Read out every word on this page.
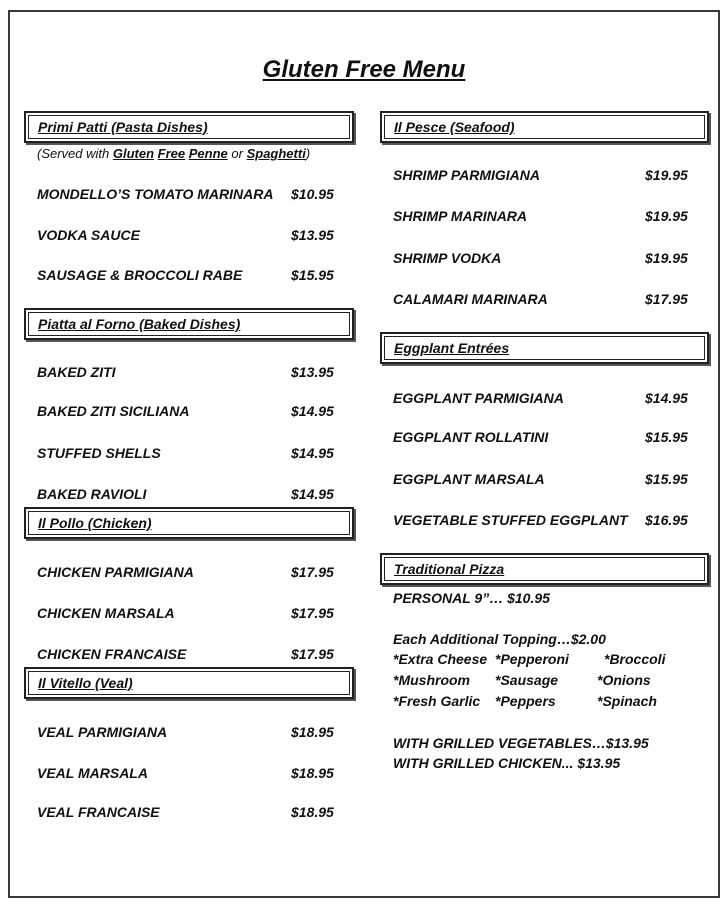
Gluten Free Menu
Primi Patti (Pasta Dishes)
(Served with Gluten Free Penne or Spaghetti)
MONDELLO’S TOMATO MARINARA $10.95
VODKA SAUCE	$13.95
SAUSAGE & BROCCOLI RABE	$15.95
Piatta al Forno (Baked Dishes)
BAKED ZITI	$13.95
BAKED ZITI SICILIANA	$14.95
STUFFED SHELLS	$14.95
BAKED RAVIOLI	$14.95
Il Pollo (Chicken)
CHICKEN PARMIGIANA	$17.95
CHICKEN MARSALA	$17.95
CHICKEN FRANCAISE	$17.95
Il Vitello (Veal)
VEAL PARMIGIANA	$18.95
VEAL MARSALA	$18.95
VEAL FRANCAISE	$18.95
Il Pesce (Seafood)
SHRIMP PARMIGIANA	$19.95
SHRIMP MARINARA	$19.95
SHRIMP VODKA	$19.95
CALAMARI MARINARA	$17.95
Eggplant Entrées
EGGPLANT PARMIGIANA	$14.95
EGGPLANT ROLLATINI	$15.95
EGGPLANT MARSALA	$15.95
VEGETABLE STUFFED EGGPLANT $16.95
Traditional Pizza
PERSONAL 9”… $10.95
Each Additional Topping…$2.00
*Extra Cheese *Pepperoni	*Broccoli
*Mushroom *Sausage	*Onions
*Fresh Garlic *Peppers	*Spinach
WITH GRILLED VEGETABLES…$13.95
WITH GRILLED CHICKEN... $13.95
